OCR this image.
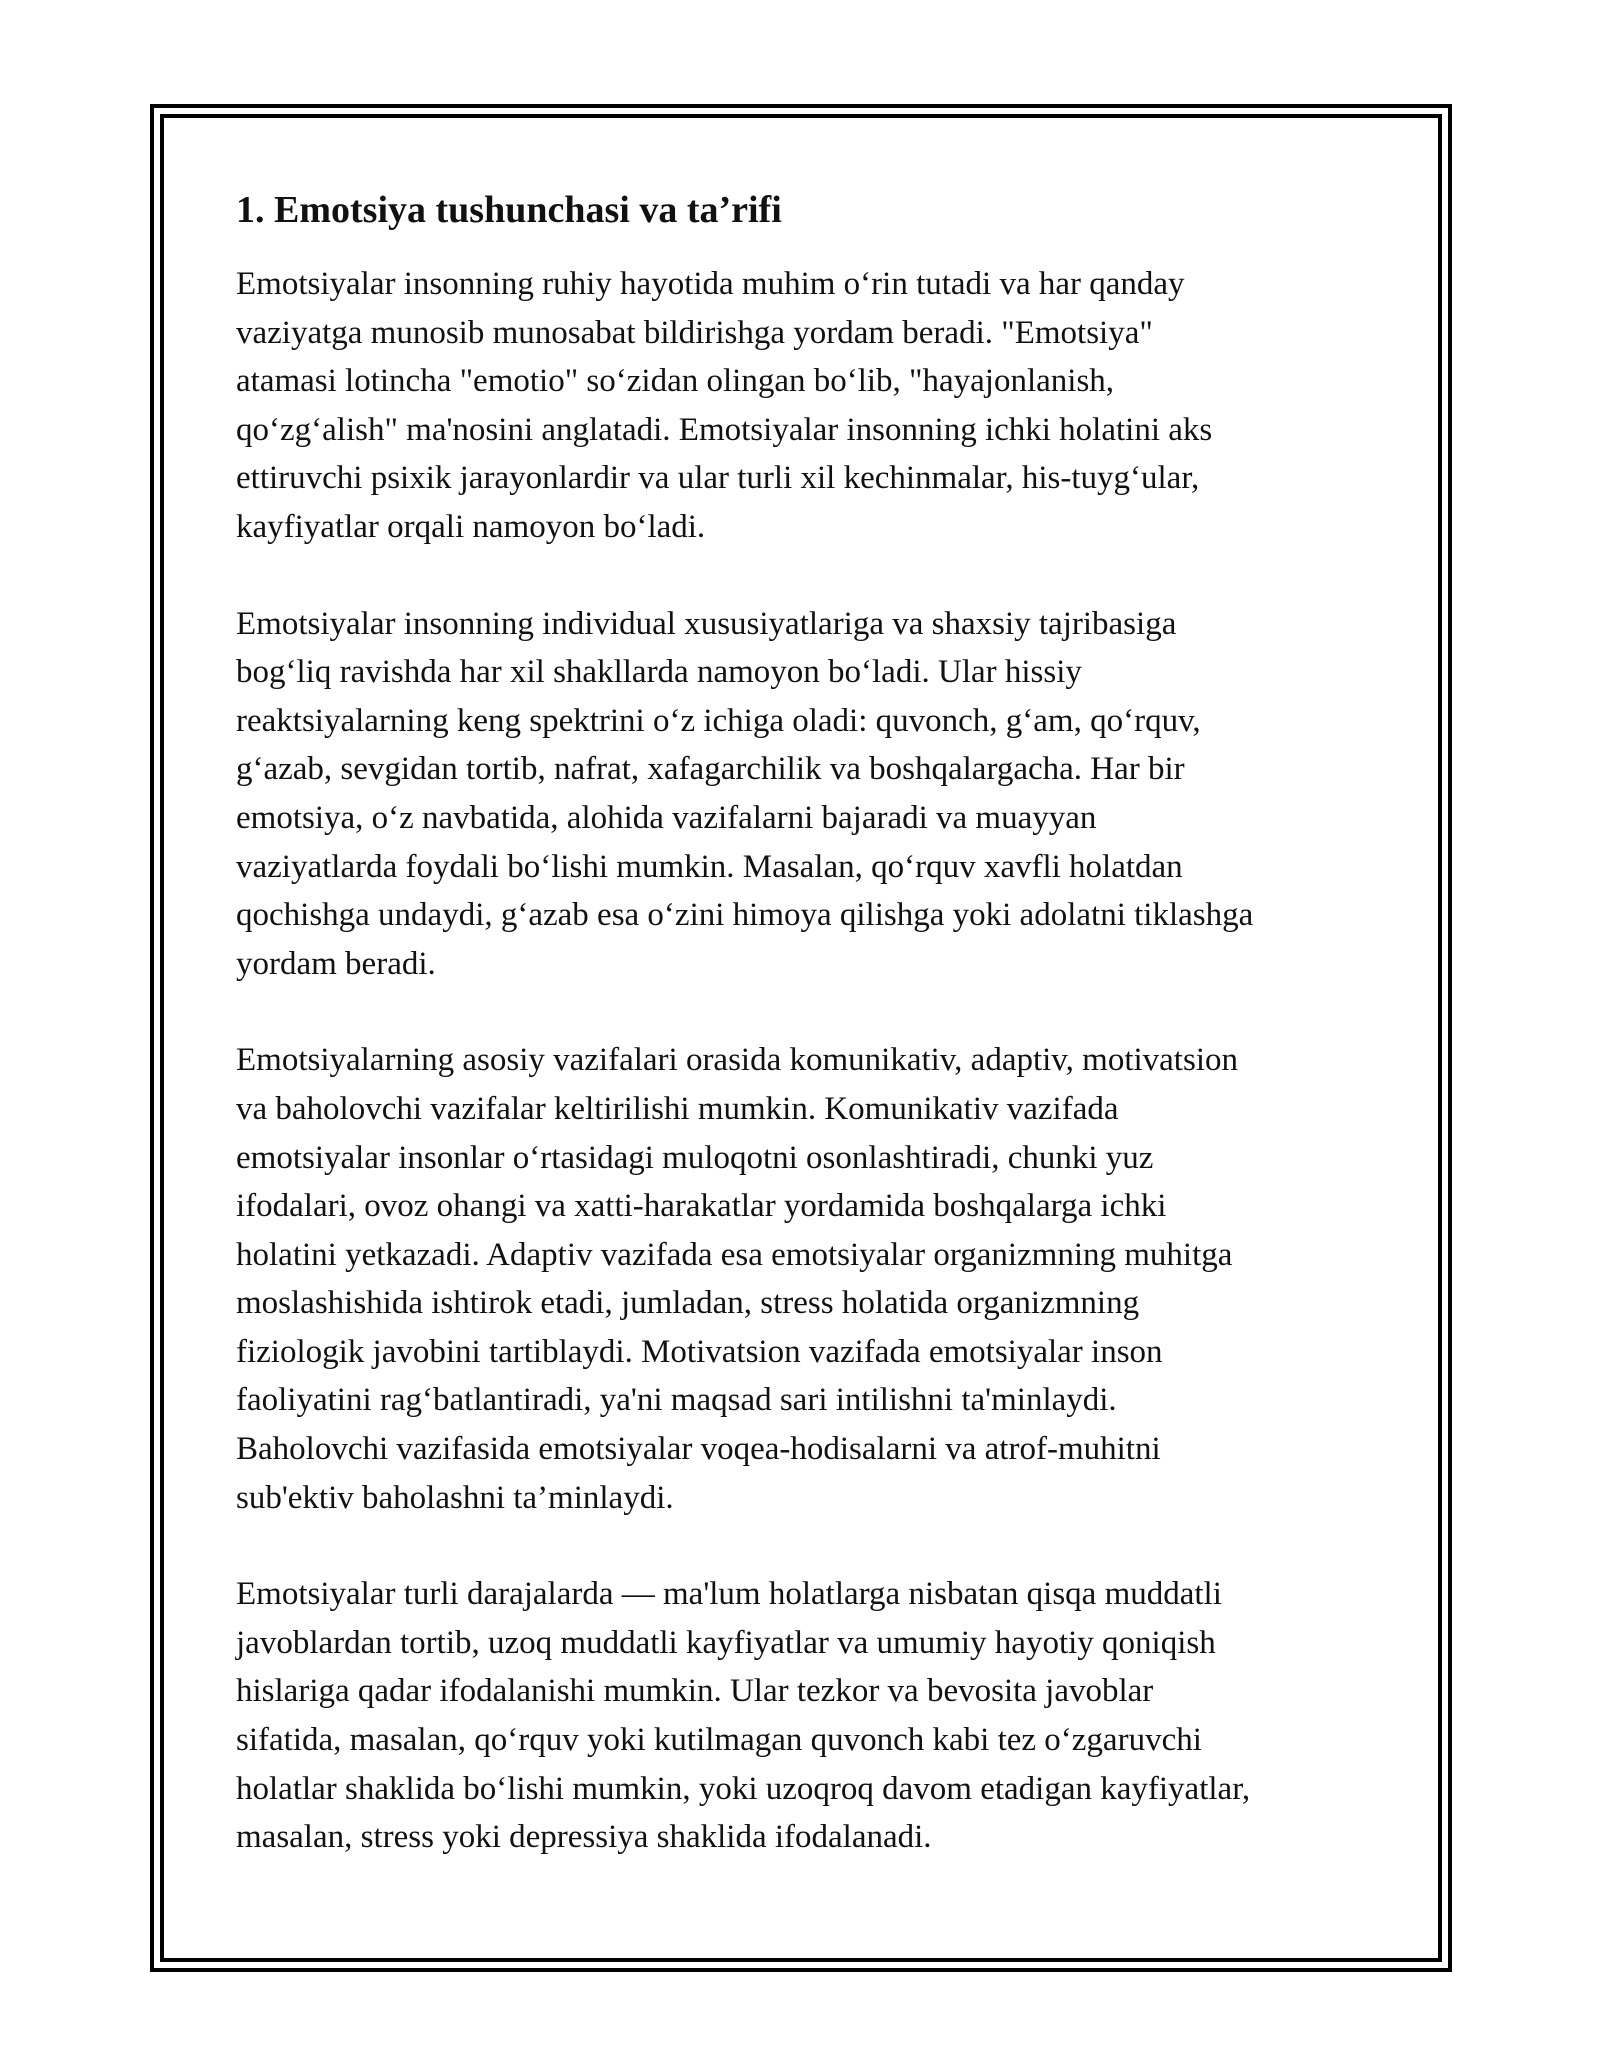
1. Emotsiya tushunchasi va ta’rifi

Emotsiyalar insonning ruhiy hayotida muhim o‘rin tutadi va har qanday
vaziyatga munosib munosabat bildirishga yordam beradi. "Emotsiya"
atamasi lotincha "emotio" so‘zidan olingan bo‘lib, "hayajonlanish,
qo‘zg‘alish" ma'nosini anglatadi. Emotsiyalar insonning ichki holatini aks
ettiruvchi psixik jarayonlardir va ular turli xil kechinmalar, his-tuyg‘ular,
kayfiyatlar orqali namoyon bo‘ladi.

Emotsiyalar insonning individual xususiyatlariga va shaxsiy tajribasiga
bog‘liq ravishda har xil shakllarda namoyon bo‘ladi. Ular hissiy
reaktsiyalarning keng spektrini o‘z ichiga oladi: quvonch, g‘am, qo‘rquv,
g‘azab, sevgidan tortib, nafrat, xafagarchilik va boshqalargacha. Har bir
emotsiya, o‘z navbatida, alohida vazifalarni bajaradi va muayyan
vaziyatlarda foydali bo‘lishi mumkin. Masalan, qo‘rquv xavfli holatdan
qochishga undaydi, g‘azab esa o‘zini himoya qilishga yoki adolatni tiklashga
yordam beradi.

Emotsiyalarning asosiy vazifalari orasida komunikativ, adaptiv, motivatsion
va baholovchi vazifalar keltirilishi mumkin. Komunikativ vazifada
emotsiyalar insonlar o‘rtasidagi muloqotni osonlashtiradi, chunki yuz
ifodalari, ovoz ohangi va xatti-harakatlar yordamida boshqalarga ichki
holatini yetkazadi. Adaptiv vazifada esa emotsiyalar organizmning muhitga
moslashishida ishtirok etadi, jumladan, stress holatida organizmning
fiziologik javobini tartiblaydi. Motivatsion vazifada emotsiyalar inson
faoliyatini rag‘batlantiradi, ya'ni maqsad sari intilishni ta'minlaydi.
Baholovchi vazifasida emotsiyalar voqea-hodisalarni va atrof-muhitni
sub'ektiv baholashni ta’minlaydi.

Emotsiyalar turli darajalarda — ma'lum holatlarga nisbatan qisqa muddatli
javoblardan tortib, uzoq muddatli kayfiyatlar va umumiy hayotiy qoniqish
hislariga qadar ifodalanishi mumkin. Ular tezkor va bevosita javoblar
sifatida, masalan, qo‘rquv yoki kutilmagan quvonch kabi tez o‘zgaruvchi
holatlar shaklida bo‘lishi mumkin, yoki uzoqroq davom etadigan kayfiyatlar,
masalan, stress yoki depressiya shaklida ifodalanadi.
